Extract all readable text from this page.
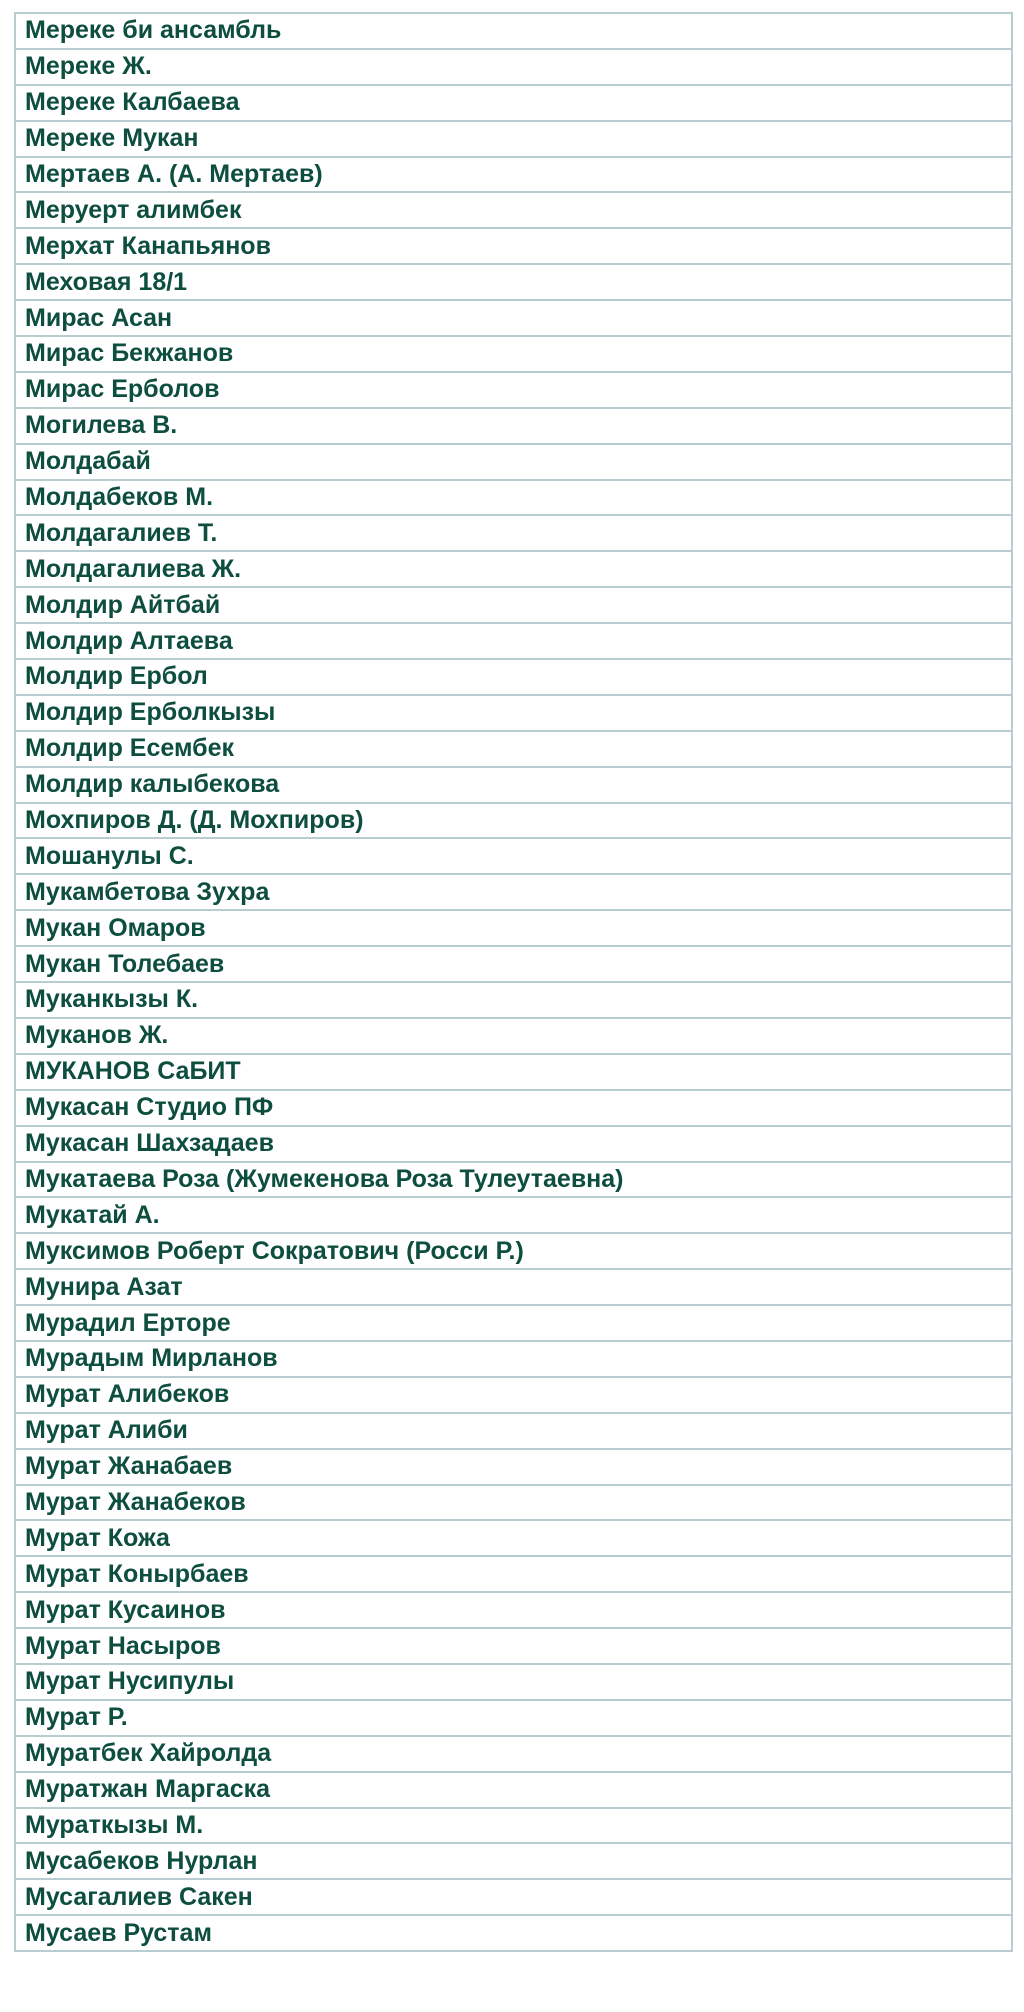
Мереке би ансамбль
Мереке Ж.
Мереке Калбаева
Мереке Мукан
Мертаев А. (А. Мертаев)
Меруерт алимбек
Мерхат Канапьянов
Меховая 18/1
Мирас Асан
Мирас Бекжанов
Мирас Ерболов
Могилева В.
Молдабай
Молдабеков М.
Молдагалиев Т.
Молдагалиева Ж.
Молдир Айтбай
Молдир Алтаева
Молдир Ербол
Молдир Ерболкызы
Молдир Есембек
Молдир калыбекова
Мохпиров Д. (Д. Мохпиров)
Мошанулы С.
Мукамбетова Зухра
Мукан Омаров
Мукан Толебаев
Муканкызы К.
Муканов Ж.
МУКАНОВ СаБИТ
Мукасан Студио ПФ
Мукасан Шахзадаев
Мукатаева Роза (Жумекенова Роза Тулеутаевна)
Мукатай А.
Муксимов Роберт Сократович (Росси Р.)
Мунира Азат
Мурадил Ерторе
Мурадым Мирланов
Мурат Алибеков
Мурат Алиби
Мурат Жанабаев
Мурат Жанабеков
Мурат Кожа
Мурат Конырбаев
Мурат Кусаинов
Мурат Насыров
Мурат Нусипулы
Мурат Р.
Муратбек Хайролда
Муратжан Маргаска
Мураткызы М.
Мусабеков Нурлан
Мусагалиев Сакен
Мусаев Рустам
